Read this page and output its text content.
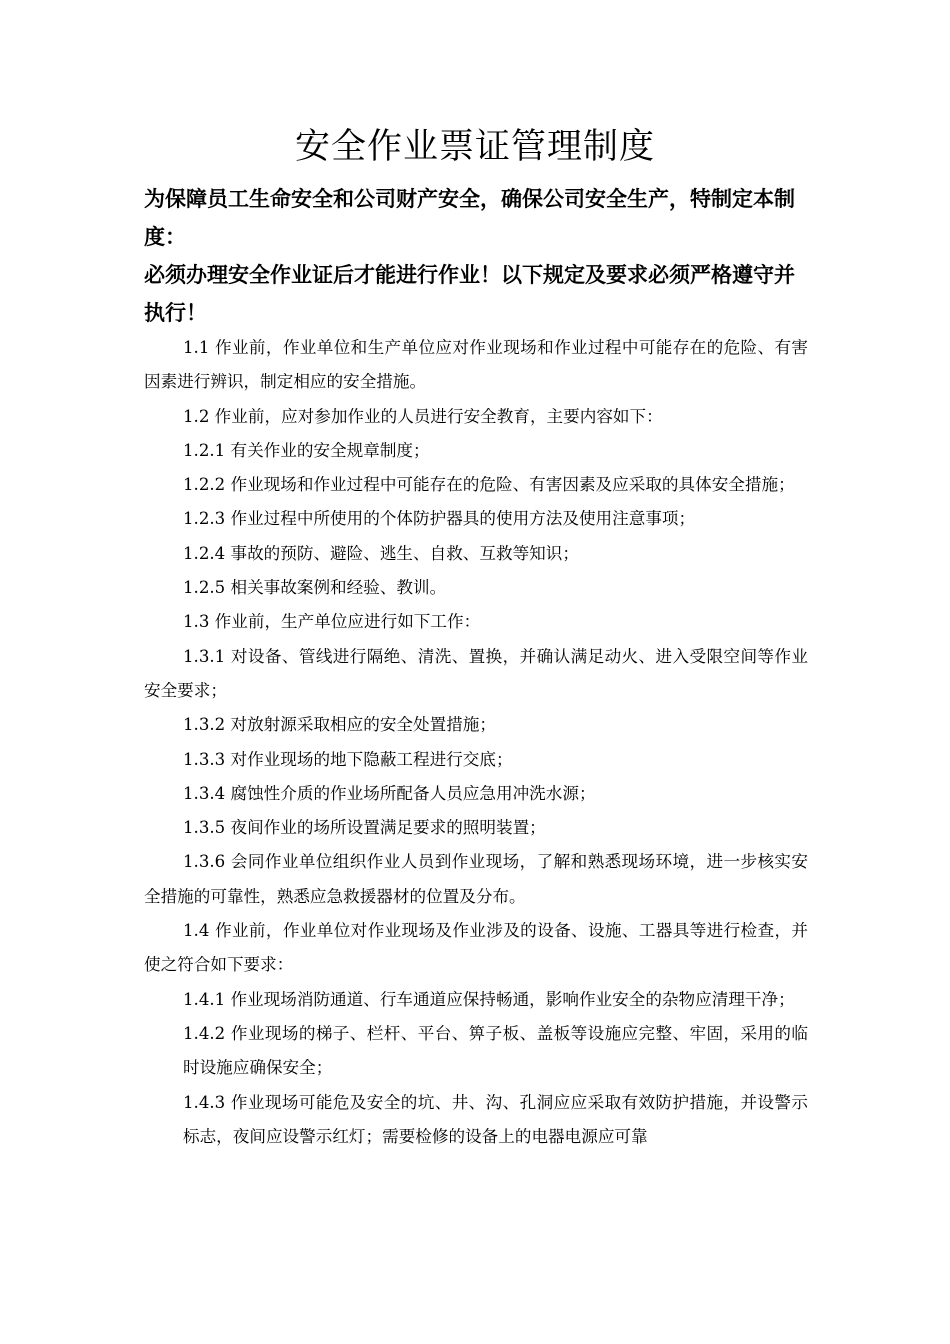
安全作业票证管理制度

为保障员工生命安全和公司财产安全，确保公司安全生产，特制定本制度：

必须办理安全作业证后才能进行作业！以下规定及要求必须严格遵守并执行！

1.1 作业前，作业单位和生产单位应对作业现场和作业过程中可能存在的危险、有害因素进行辨识，制定相应的安全措施。

1.2 作业前，应对参加作业的人员进行安全教育，主要内容如下：

1.2.1 有关作业的安全规章制度；

1.2.2 作业现场和作业过程中可能存在的危险、有害因素及应采取的具体安全措施；

1.2.3 作业过程中所使用的个体防护器具的使用方法及使用注意事项；

1.2.4 事故的预防、避险、逃生、自救、互救等知识；

1.2.5 相关事故案例和经验、教训。

1.3 作业前，生产单位应进行如下工作：

1.3.1 对设备、管线进行隔绝、清洗、置换，并确认满足动火、进入受限空间等作业安全要求；

1.3.2 对放射源采取相应的安全处置措施；

1.3.3 对作业现场的地下隐蔽工程进行交底；

1.3.4 腐蚀性介质的作业场所配备人员应急用冲洗水源；

1.3.5 夜间作业的场所设置满足要求的照明装置；

1.3.6 会同作业单位组织作业人员到作业现场，了解和熟悉现场环境，进一步核实安全措施的可靠性，熟悉应急救援器材的位置及分布。

1.4 作业前，作业单位对作业现场及作业涉及的设备、设施、工器具等进行检查，并使之符合如下要求：

1.4.1 作业现场消防通道、行车通道应保持畅通，影响作业安全的杂物应清理干净；

1.4.2 作业现场的梯子、栏杆、平台、箅子板、盖板等设施应完整、牢固，采用的临时设施应确保安全；

1.4.3 作业现场可能危及安全的坑、井、沟、孔洞应应采取有效防护措施，并设警示标志，夜间应设警示红灯；需要检修的设备上的电器电源应可靠
